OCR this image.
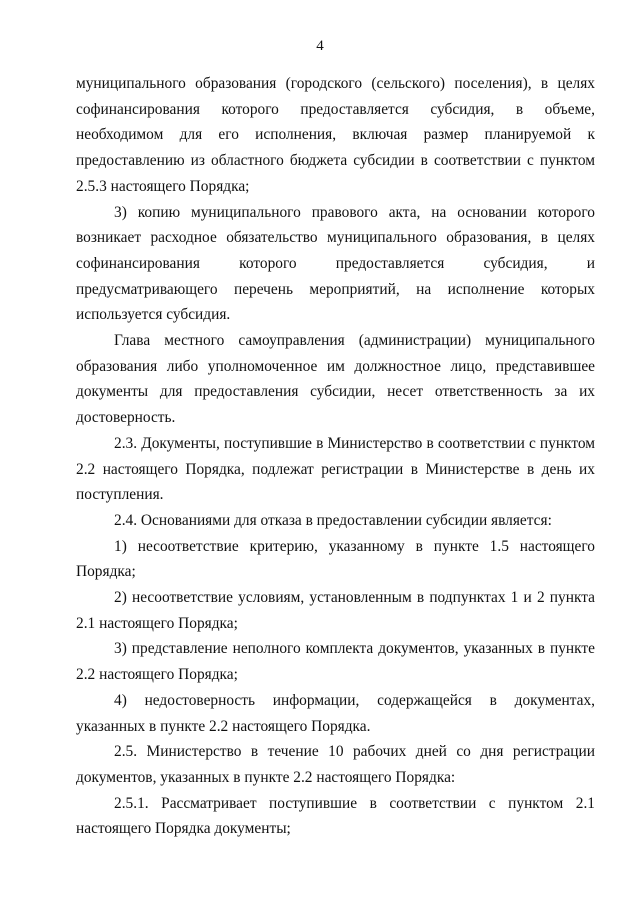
4

муниципального образования (городского (сельского) поселения), в целях софинансирования которого предоставляется субсидия, в объеме, необходимом для его исполнения, включая размер планируемой к предоставлению из областного бюджета субсидии в соответствии с пунктом 2.5.3 настоящего Порядка;

3) копию муниципального правового акта, на основании которого возникает расходное обязательство муниципального образования, в целях софинансирования которого предоставляется субсидия, и предусматривающего перечень мероприятий, на исполнение которых используется субсидия.

Глава местного самоуправления (администрации) муниципального образования либо уполномоченное им должностное лицо, представившее документы для предоставления субсидии, несет ответственность за их достоверность.

2.3. Документы, поступившие в Министерство в соответствии с пунктом 2.2 настоящего Порядка, подлежат регистрации в Министерстве в день их поступления.

2.4. Основаниями для отказа в предоставлении субсидии является:

1) несоответствие критерию, указанному в пункте 1.5 настоящего Порядка;

2) несоответствие условиям, установленным в подпунктах 1 и 2 пункта 2.1 настоящего Порядка;

3) представление неполного комплекта документов, указанных в пункте 2.2 настоящего Порядка;

4) недостоверность информации, содержащейся в документах, указанных в пункте 2.2 настоящего Порядка.

2.5. Министерство в течение 10 рабочих дней со дня регистрации документов, указанных в пункте 2.2 настоящего Порядка:

2.5.1. Рассматривает поступившие в соответствии с пунктом 2.1 настоящего Порядка документы;
